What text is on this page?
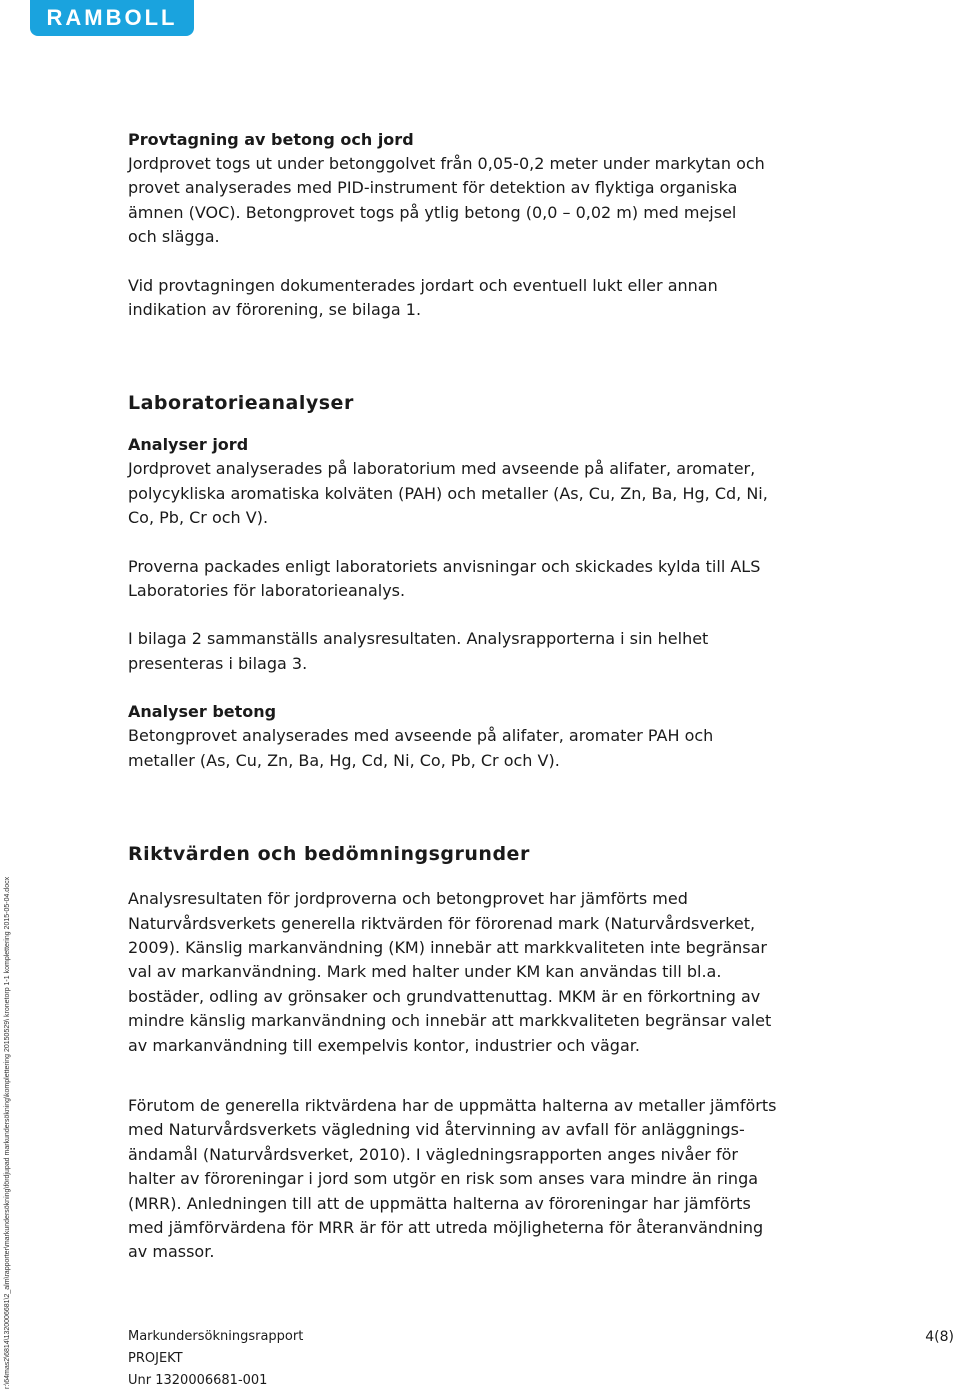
RAMBOLL

Provtagning av betong och jord

Jordprovet togs ut under betonggolvet från 0,05-0,2 meter under markytan och
provet analyserades med PID-instrument för detektion av flyktiga organiska
ämnen (VOC). Betongprovet togs på ytlig betong (0,0 – 0,02 m) med mejsel
och slägga.

Vid provtagningen dokumenterades jordart och eventuell lukt eller annan
indikation av förorening, se bilaga 1.

Laboratorieanalyser

Analyser jord

Jordprovet analyserades på laboratorium med avseende på alifater, aromater,
polycykliska aromatiska kolväten (PAH) och metaller (As, Cu, Zn, Ba, Hg, Cd, Ni,
Co, Pb, Cr och V).

Proverna packades enligt laboratoriets anvisningar och skickades kylda till ALS
Laboratories för laboratorieanalys.

I bilaga 2 sammanställs analysresultaten. Analysrapporterna i sin helhet
presenteras i bilaga 3.

Analyser betong

Betongprovet analyserades med avseende på alifater, aromater PAH och
metaller (As, Cu, Zn, Ba, Hg, Cd, Ni, Co, Pb, Cr och V).

Riktvärden och bedömningsgrunder

Analysresultaten för jordproverna och betongprovet har jämförts med
Naturvårdsverkets generella riktvärden för förorenad mark (Naturvårdsverket,
2009). Känslig markanvändning (KM) innebär att markkvaliteten inte begränsar
val av markanvändning. Mark med halter under KM kan användas till bl.a.
bostäder, odling av grönsaker och grundvattenuttag. MKM är en förkortning av
mindre känslig markanvändning och innebär att markkvaliteten begränsar valet
av markanvändning till exempelvis kontor, industrier och vägar.

Förutom de generella riktvärdena har de uppmätta halterna av metaller jämförts
med Naturvårdsverkets vägledning vid återvinning av avfall för anläggnings-
ändamål (Naturvårdsverket, 2010). I vägledningsrapporten anges nivåer för
halter av föroreningar i jord som utgör en risk som anses vara mindre än ringa
(MRR). Anledningen till att de uppmätta halterna av föroreningar har jämförts
med jämförvärdena för MRR är för att utreda möjligheterna för återanvändning
av massor.

r:\64mas2\6814\1320006681\2_alm\rapporter\markundersökning\fördjupad markundersökning\komplettering 20150529\ kronetorp 1-1 komplettering 2015-05-04.docx	Markundersökningsrapport
PROJEKT
Unr 1320006681-001
4(8)
